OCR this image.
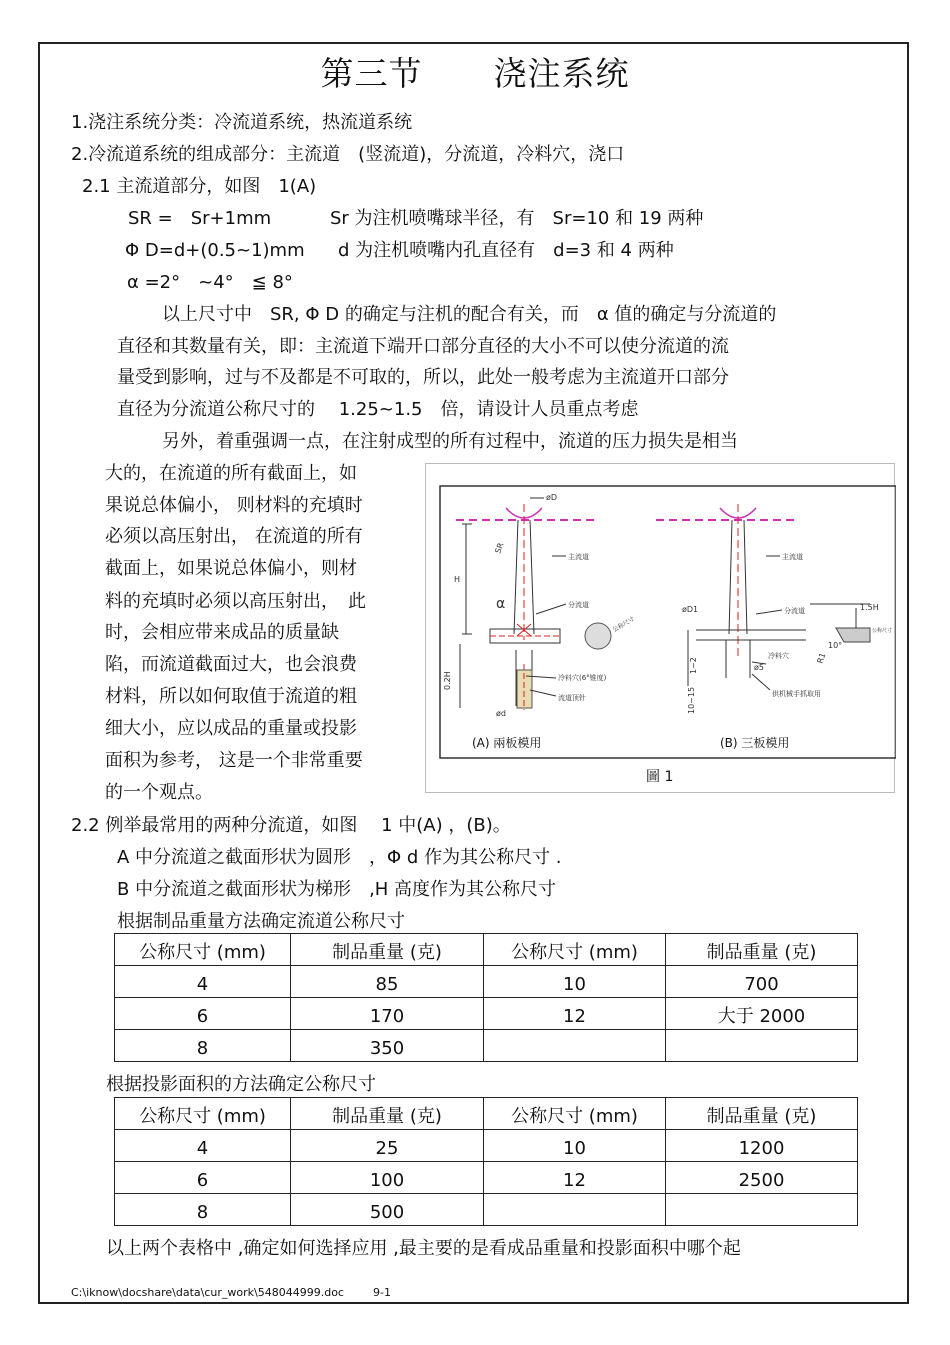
第三节 浇注系统
1.浇注系统分类：冷流道系统，热流道系统
2.冷流道系统的组成部分：主流道　(竖流道)，分流道，冷料穴，浇口
2.1 主流道部分，如图　1(A)
SR =　Sr+1mm	Sr 为注机喷嘴球半径，有　Sr=10 和 19 两种
Φ D=d+(0.5~1)mm d 为注机喷嘴内孔直径有　d=3 和 4 两种
α =2°　~4°　≦ 8°
以上尺寸中　SR, Φ D 的确定与注机的配合有关，而　α 值的确定与分流道的
直径和其数量有关，即：主流道下端开口部分直径的大小不可以使分流道的流
量受到影响，过与不及都是不可取的，所以，此处一般考虑为主流道开口部分
直径为分流道公称尺寸的　 1.25~1.5　倍，请设计人员重点考虑
另外，着重强调一点，在注射成型的所有过程中，流道的压力损失是相当
大的，在流道的所有截面上，如
果说总体偏小， 则材料的充填时
必须以高压射出， 在流道的所有
截面上，如果说总体偏小，则材
料的充填时必须以高压射出，　此
时，会相应带来成品的质量缺
陷，而流道截面过大，也会浪费
材料，所以如何取值于流道的粗
细大小，应以成品的重量或投影
面积为参考， 这是一个非常重要
的一个观点。
øD
SR
H
α
0.2H
ød
主流道
分流道
公称尺寸
冷料穴(6°锥度)
流道顶针
øD1
主流道
分流道	1.5H
10°
R1
公称尺寸
1~2
10~15
ø5
冷料穴
供机械手抓取用
(A) 兩板模用	(B) 三板模用
圖 1
2.2 例举最常用的两种分流道，如图　 1 中(A) ，(B)。
A 中分流道之截面形状为圆形　，Φ d 作为其公称尺寸 .
B 中分流道之截面形状为梯形　,H 高度作为其公称尺寸
根据制品重量方法确定流道公称尺寸
公称尺寸 (mm)	制品重量 (克)	公称尺寸 (mm)	制品重量 (克)
4	85	10	700
6	170	12	大于 2000
8	350		
根据投影面积的方法确定公称尺寸
公称尺寸 (mm)	制品重量 (克)	公称尺寸 (mm)	制品重量 (克)
4	25	10	1200
6	100	12	2500
8	500		
以上两个表格中 ,确定如何选择应用 ,最主要的是看成品重量和投影面积中哪个起
C:\iknow\docshare\data\cur_work\548044999.doc	9-1
